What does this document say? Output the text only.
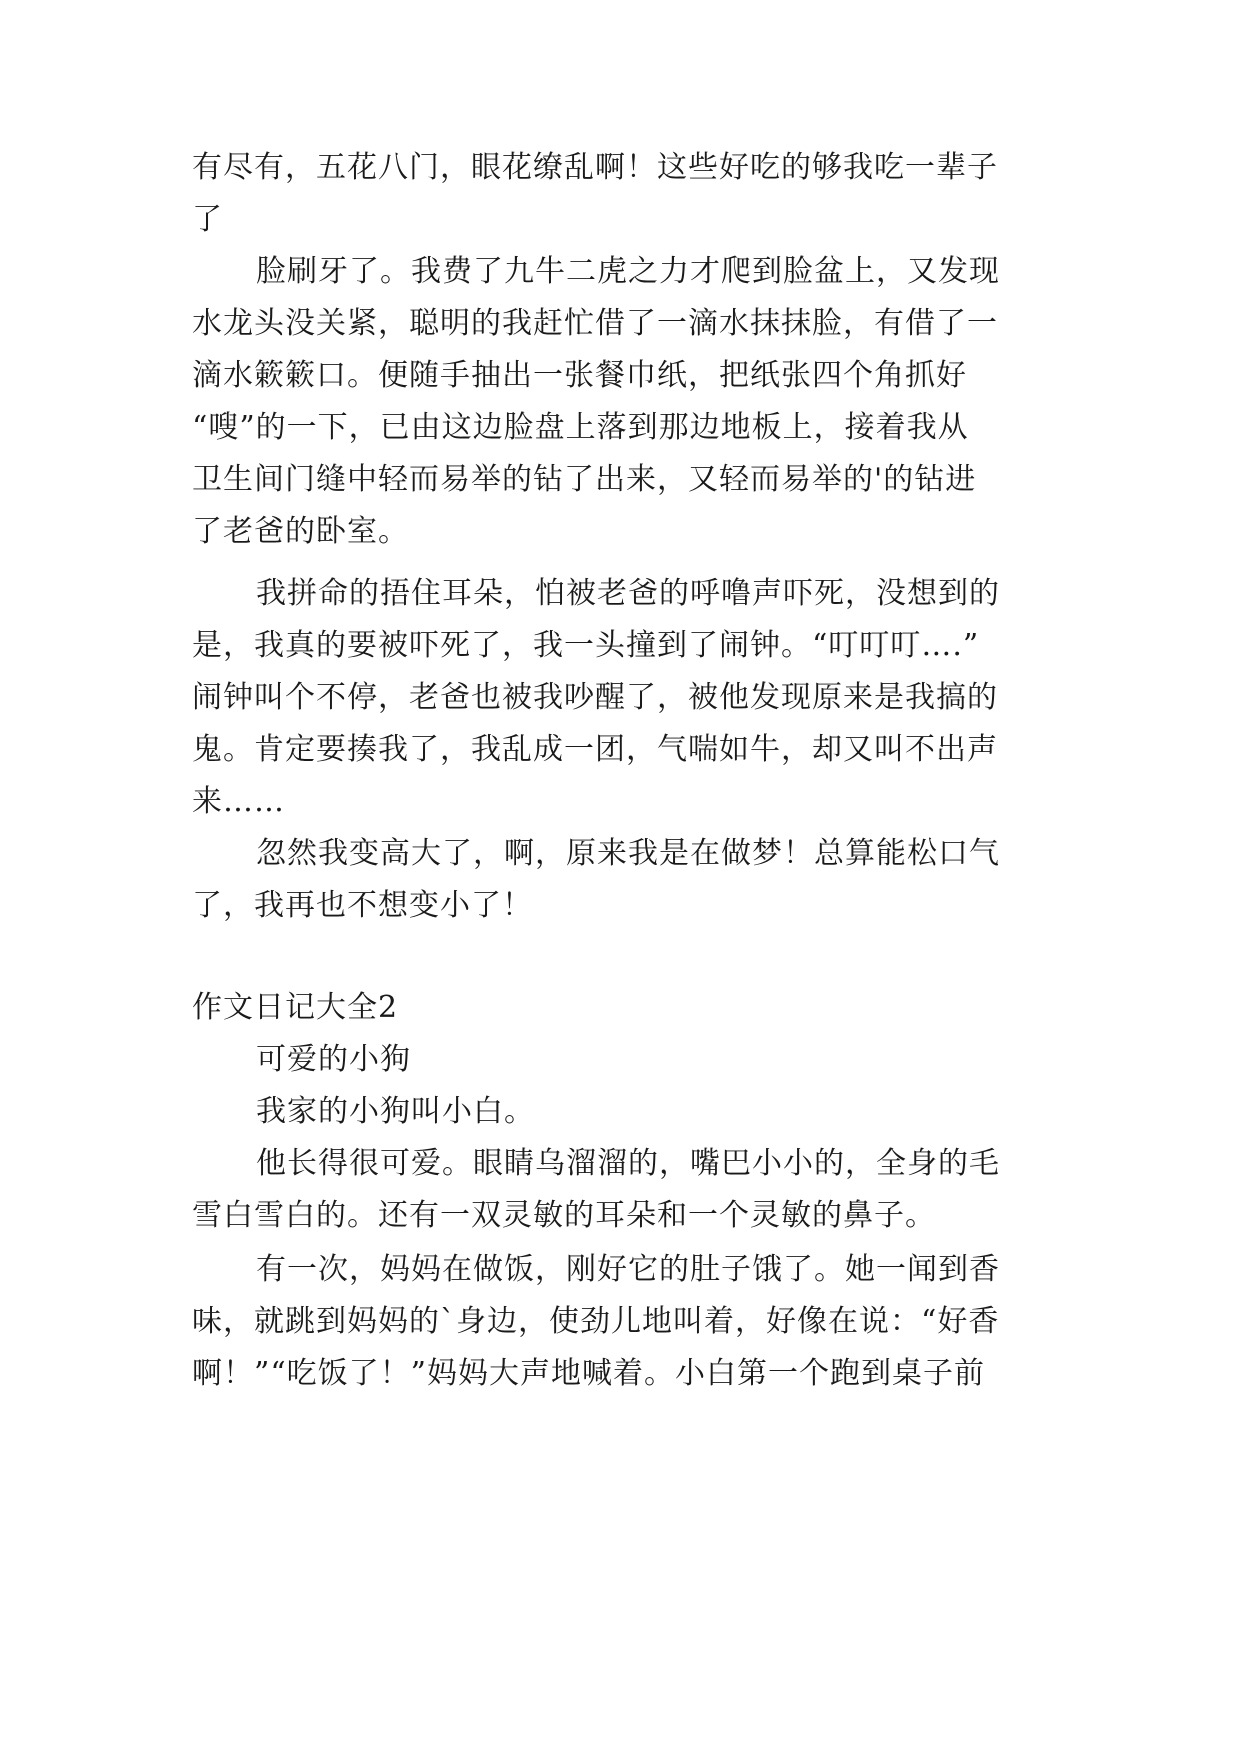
有尽有，五花八门，眼花缭乱啊！这些好吃的够我吃一辈子
了
脸刷牙了。我费了九牛二虎之力才爬到脸盆上，又发现
水龙头没关紧，聪明的我赶忙借了一滴水抹抹脸，有借了一
滴水簌簌口。便随手抽出一张餐巾纸，把纸张四个角抓好
“嗖”的一下，已由这边脸盘上落到那边地板上，接着我从
卫生间门缝中轻而易举的钻了出来，又轻而易举的'的钻进
了老爸的卧室。
我拼命的捂住耳朵，怕被老爸的呼噜声吓死，没想到的
是，我真的要被吓死了，我一头撞到了闹钟。“叮叮叮….”
闹钟叫个不停，老爸也被我吵醒了，被他发现原来是我搞的
鬼。肯定要揍我了，我乱成一团，气喘如牛，却又叫不出声
来……
忽然我变高大了，啊，原来我是在做梦！总算能松口气
了，我再也不想变小了！
作文日记大全2
可爱的小狗
我家的小狗叫小白。
他长得很可爱。眼睛乌溜溜的，嘴巴小小的，全身的毛
雪白雪白的。还有一双灵敏的耳朵和一个灵敏的鼻子。
有一次，妈妈在做饭，刚好它的肚子饿了。她一闻到香
味，就跳到妈妈的`身边，使劲儿地叫着，好像在说：“好香
啊！”“吃饭了！”妈妈大声地喊着。小白第一个跑到桌子前
